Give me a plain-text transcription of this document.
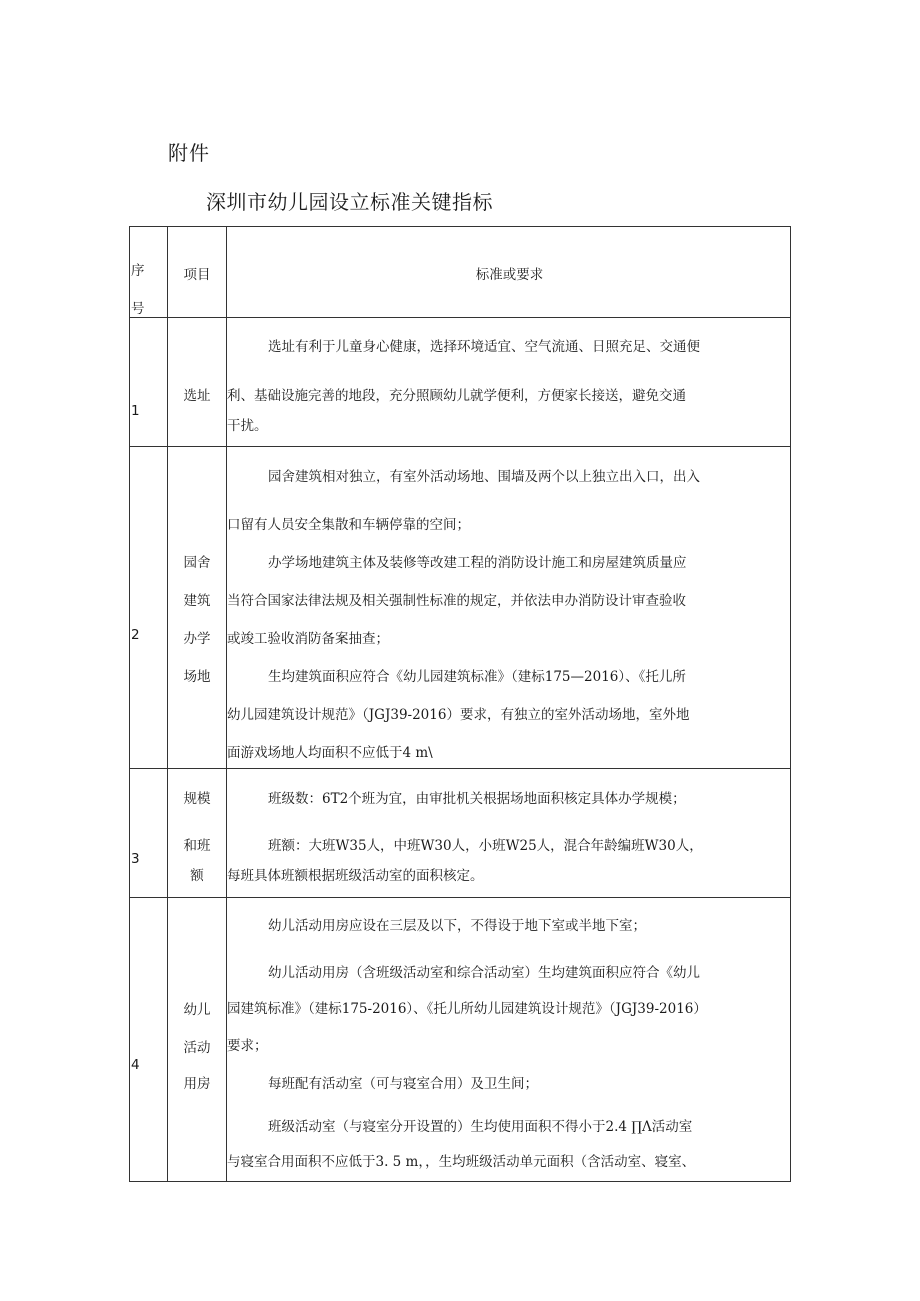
附件
深圳市幼儿园设立标准关键指标
序
号
项目	标准或要求
1
选址
选址有利于儿童身心健康，选择环境适宜、空气流通、日照充足、交通便
利、基础设施完善的地段，充分照顾幼儿就学便利，方便家长接送，避免交通
干扰。
2
园舍
建筑
办学
场地
园舍建筑相对独立，有室外活动场地、围墙及两个以上独立出入口，出入
口留有人员安全集散和车辆停靠的空间；
办学场地建筑主体及装修等改建工程的消防设计施工和房屋建筑质量应
当符合国家法律法规及相关强制性标准的规定，并依法申办消防设计审查验收
或竣工验收消防备案抽查；
生均建筑面积应符合《幼儿园建筑标准》（建标175—2016）、《托儿所
幼儿园建筑设计规范》（JGJ39-2016）要求，有独立的室外活动场地，室外地
面游戏场地人均面积不应低于4 m\
3
规模
和班
额
班级数：6T2个班为宜，由审批机关根据场地面积核定具体办学规模；
班额：大班W35人，中班W30人，小班W25人，混合年龄编班W30人，
每班具体班额根据班级活动室的面积核定。
4
幼儿
活动
用房
幼儿活动用房应设在三层及以下，不得设于地下室或半地下室；
幼儿活动用房（含班级活动室和综合活动室）生均建筑面积应符合《幼儿
园建筑标准》（建标175-2016）、《托儿所幼儿园建筑设计规范》（JGJ39-2016）
要求；
每班配有活动室（可与寝室合用）及卫生间；
班级活动室（与寝室分开设置的）生均使用面积不得小于2.4 ∏Λ活动室
与寝室合用面积不应低于3. 5 m，，生均班级活动单元面积（含活动室、寝室、
